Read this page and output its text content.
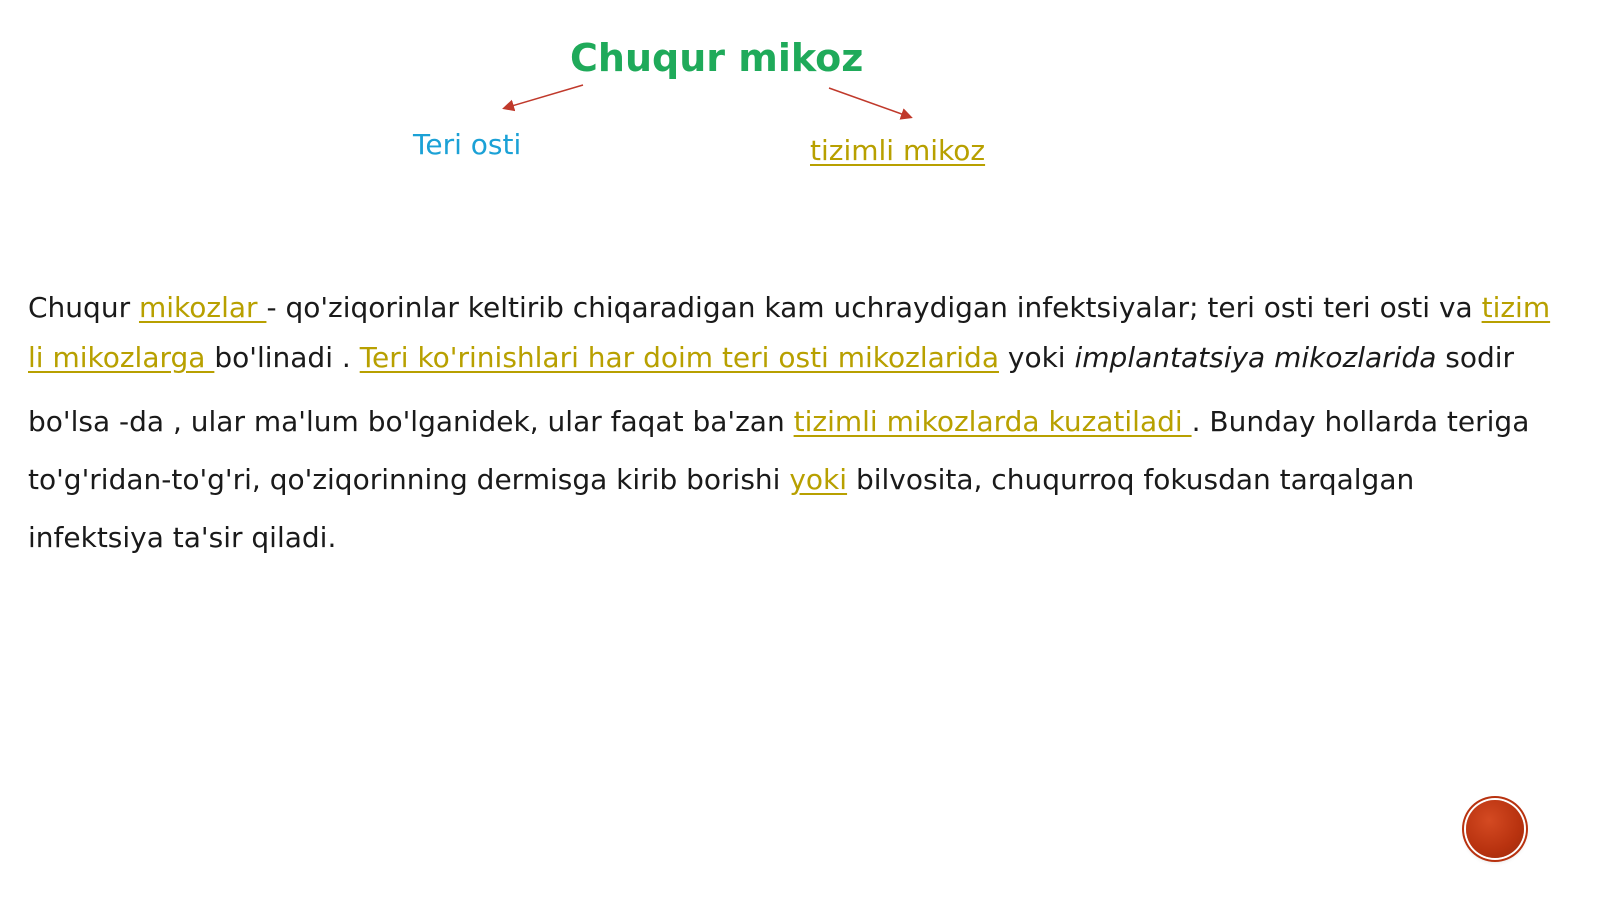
Chuqur mikoz
Teri osti	tizimli mikoz
Chuqur mikozlar - qo'ziqorinlar keltirib chiqaradigan kam uchraydigan infektsiyalar; teri osti teri osti va tizim
li mikozlarga bo'linadi . Teri ko'rinishlari har doim teri osti mikozlarida yoki implantatsiya mikozlarida sodir
bo'lsa -da , ular ma'lum bo'lganidek, ular faqat ba'zan tizimli mikozlarda kuzatiladi . Bunday hollarda teriga
to'g'ridan-to'g'ri, qo'ziqorinning dermisga kirib borishi yoki bilvosita, chuqurroq fokusdan tarqalgan
infektsiya ta'sir qiladi.
